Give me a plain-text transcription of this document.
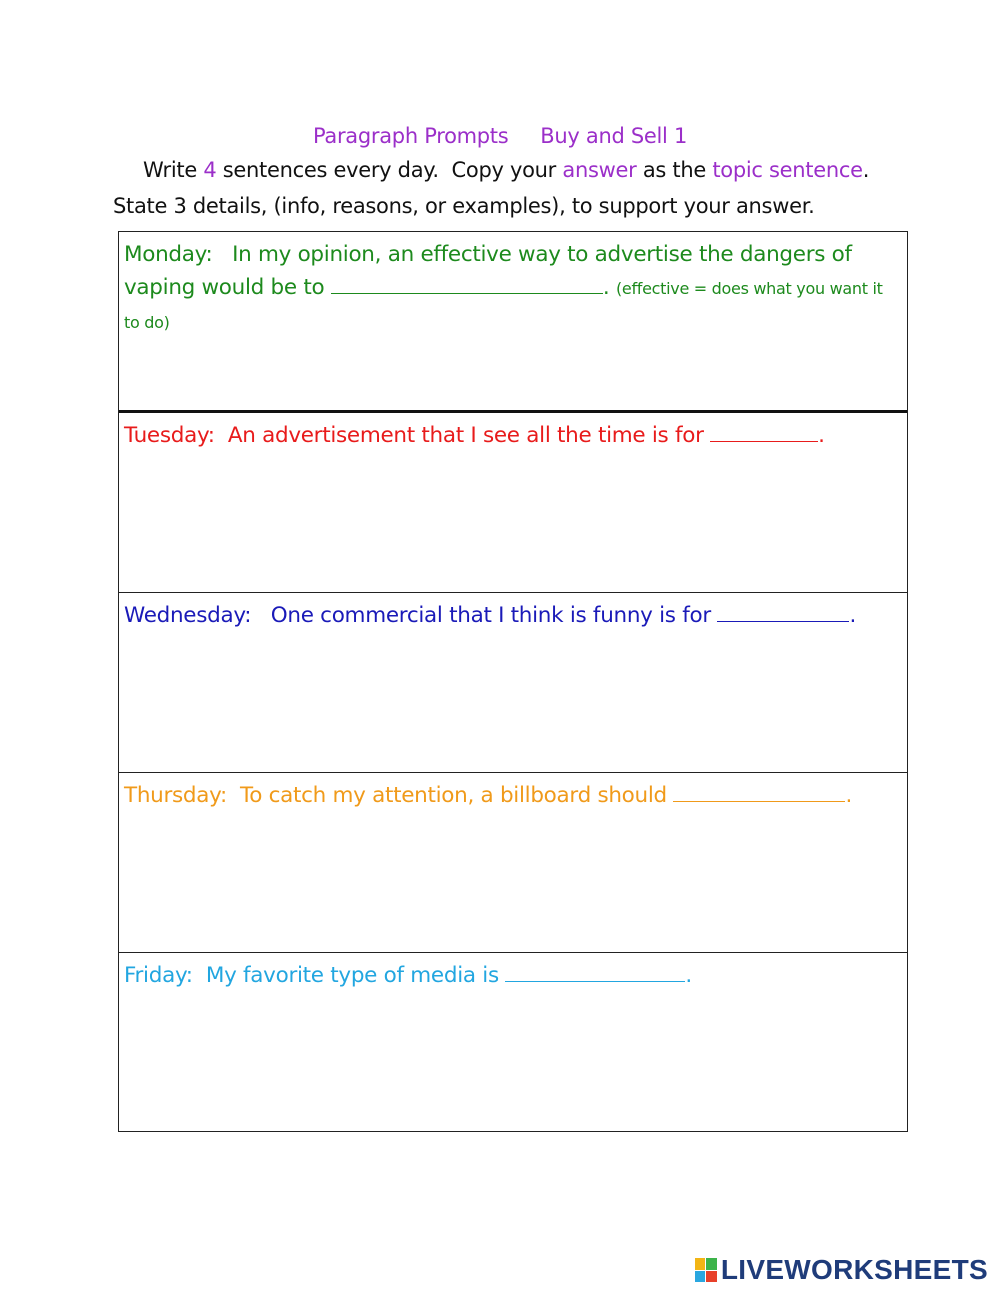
Paragraph Prompts     Buy and Sell 1
Write 4 sentences every day.  Copy your answer as the topic sentence.
State 3 details, (info, reasons, or examples), to support your answer.
Monday: In my opinion, an effective way to advertise the dangers of vaping would be to	. (effective = does what you want it to do)
Tuesday: An advertisement that I see all the time is for	.
Wednesday: One commercial that I think is funny is for	.
Thursday: To catch my attention, a billboard should	.
Friday: My favorite type of media is	.
LIVEWORKSHEETS
